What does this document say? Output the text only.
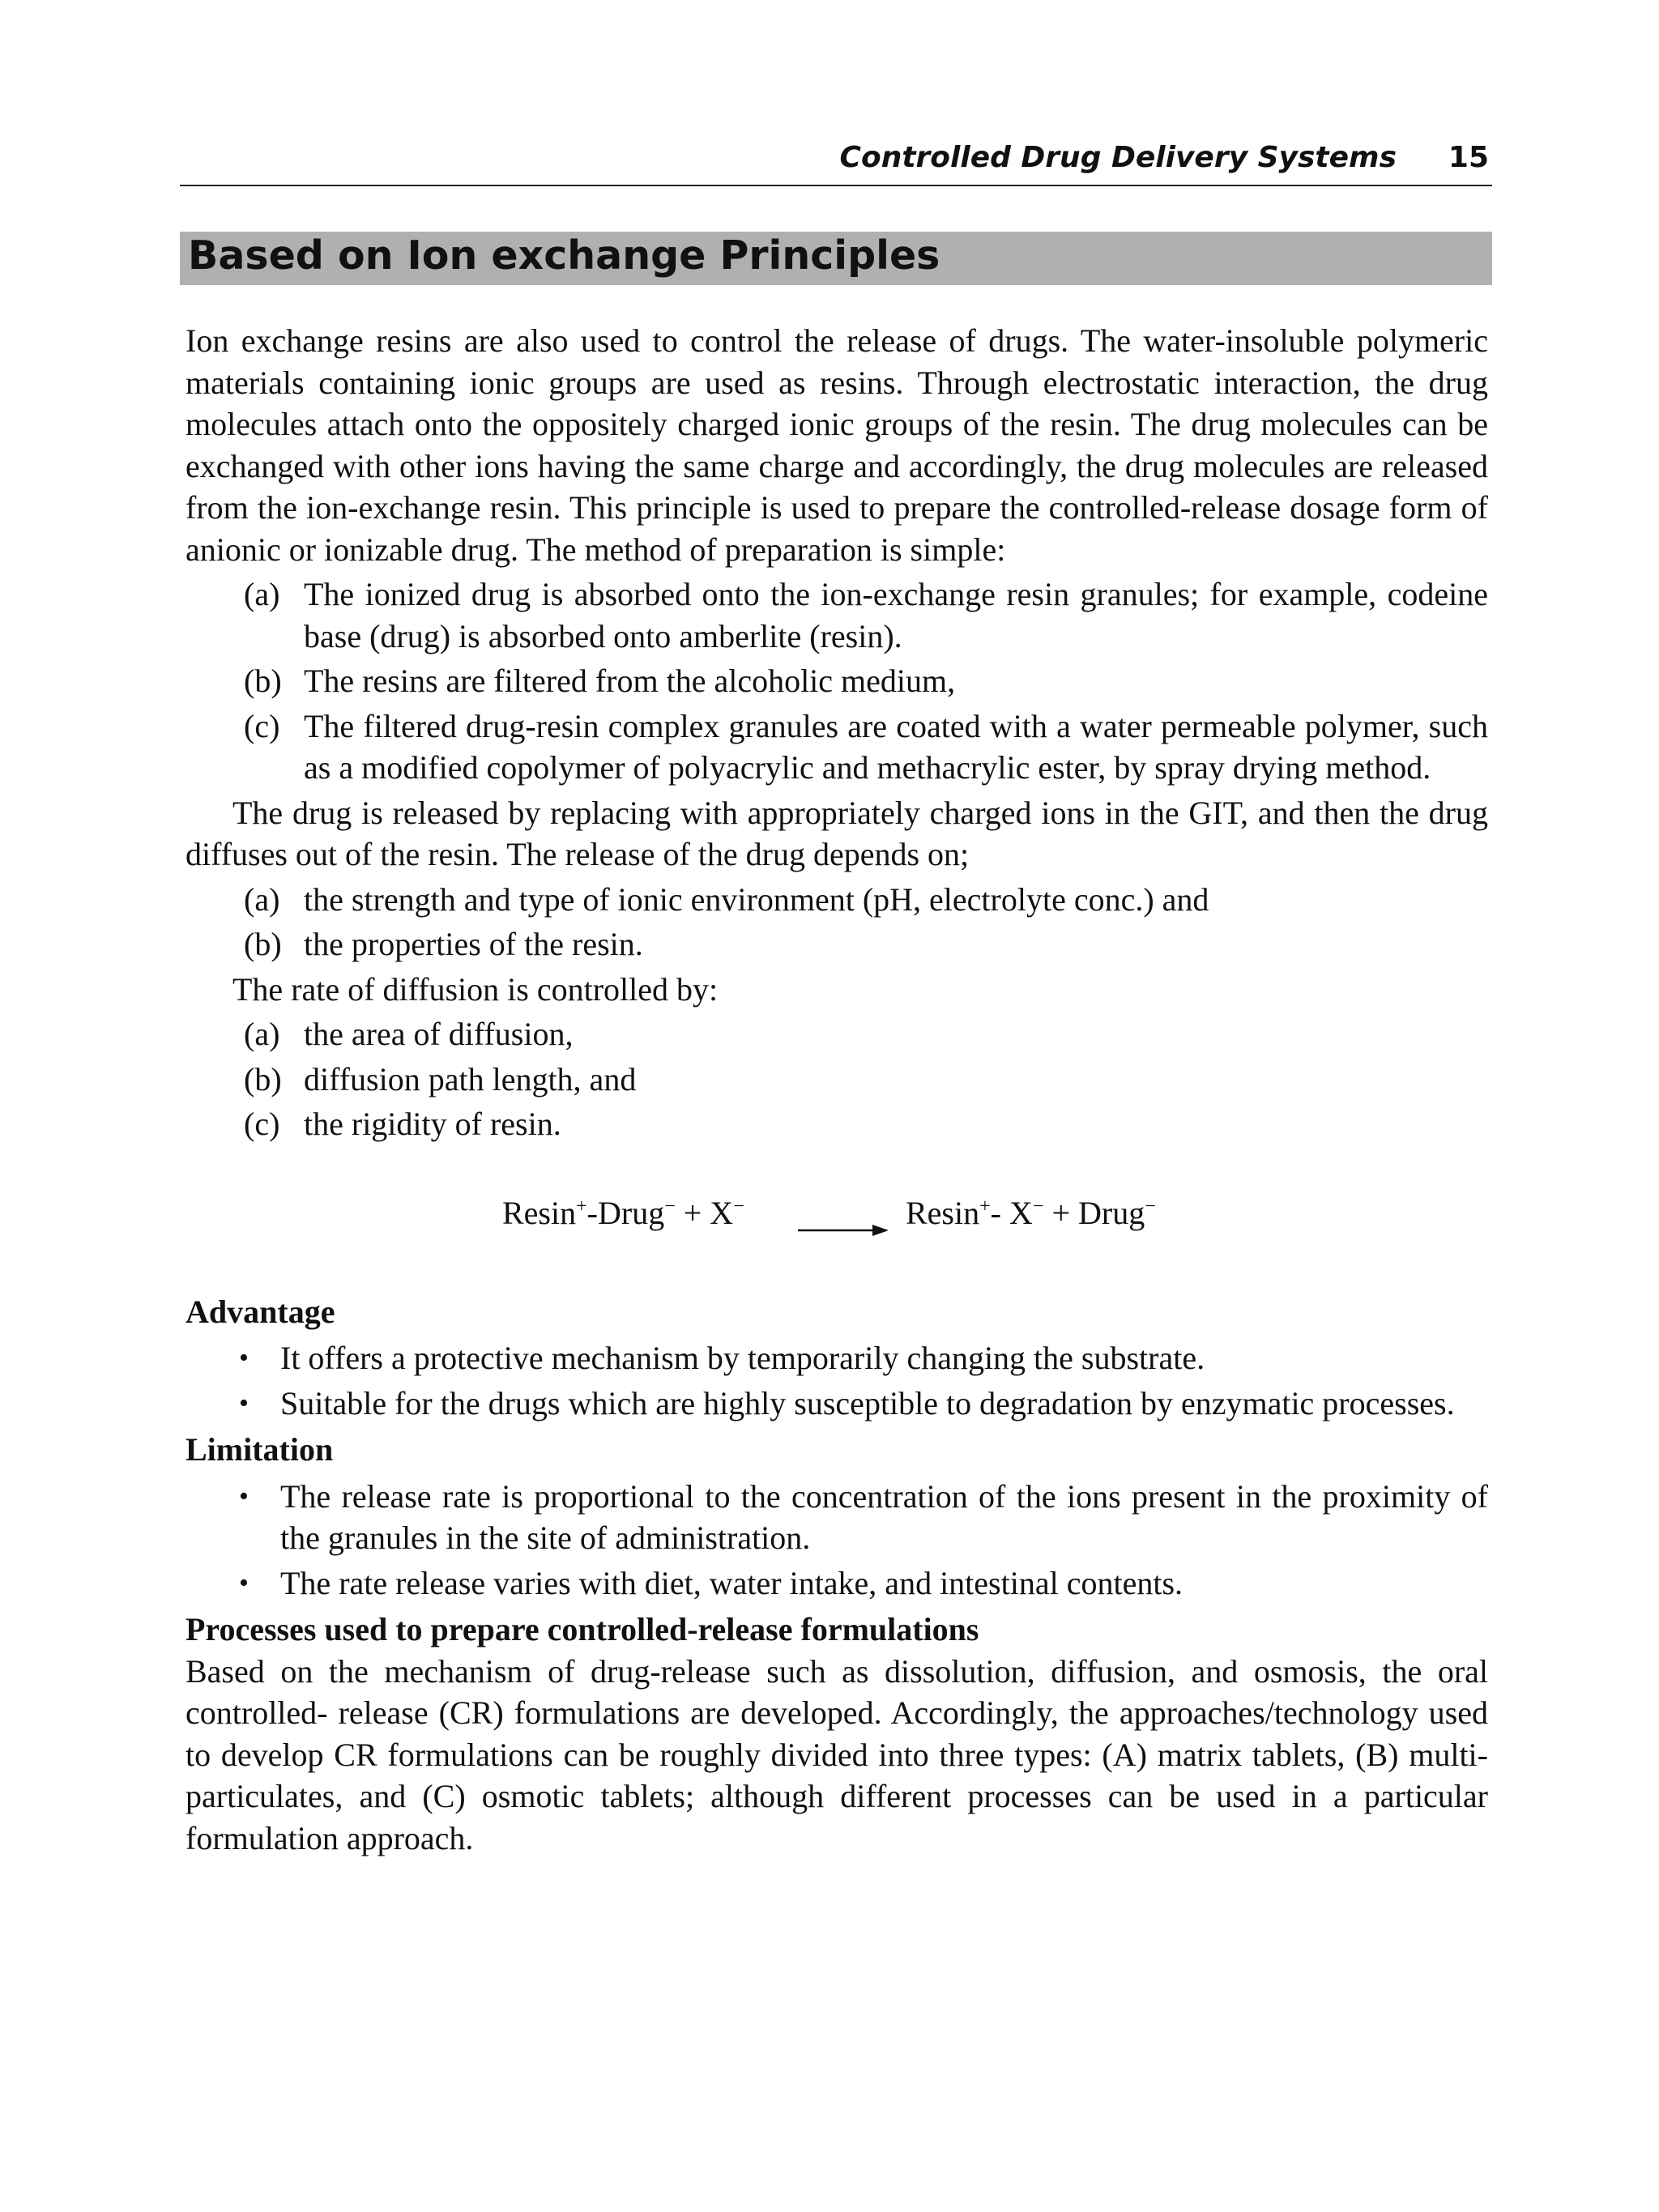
Controlled Drug Delivery Systems 15
Based on Ion exchange Principles

Ion exchange resins are also used to control the release of drugs. The water-insoluble polymeric materials containing ionic groups are used as resins. Through electrostatic interaction, the drug molecules attach onto the oppositely charged ionic groups of the resin. The drug molecules can be exchanged with other ions having the same charge and accordingly, the drug molecules are released from the ion-exchange resin. This principle is used to prepare the controlled-release dosage form of anionic or ionizable drug. The method of preparation is simple:

(a) The ionized drug is absorbed onto the ion-exchange resin granules; for example, codeine base (drug) is absorbed onto amberlite (resin).
(b) The resins are filtered from the alcoholic medium,
(c) The filtered drug-resin complex granules are coated with a water permeable polymer, such as a modified copolymer of polyacrylic and methacrylic ester, by spray drying method.

The drug is released by replacing with appropriately charged ions in the GIT, and then the drug diffuses out of the resin. The release of the drug depends on;

(a) the strength and type of ionic environment (pH, electrolyte conc.) and
(b) the properties of the resin.

The rate of diffusion is controlled by:

(a) the area of diffusion,
(b) diffusion path length, and
(c) the rigidity of resin.
Resin+-Drug− + X− → Resin+- X− + Drug−

Advantage

• It offers a protective mechanism by temporarily changing the substrate.
• Suitable for the drugs which are highly susceptible to degradation by enzymatic processes.

Limitation

• The release rate is proportional to the concentration of the ions present in the proximity of the granules in the site of administration.
• The rate release varies with diet, water intake, and intestinal contents.

Processes used to prepare controlled-release formulations

Based on the mechanism of drug-release such as dissolution, diffusion, and osmosis, the oral controlled- release (CR) formulations are developed. Accordingly, the approaches/technology used to develop CR formulations can be roughly divided into three types: (A) matrix tablets, (B) multi-particulates, and (C) osmotic tablets; although different processes can be used in a particular formulation approach.
